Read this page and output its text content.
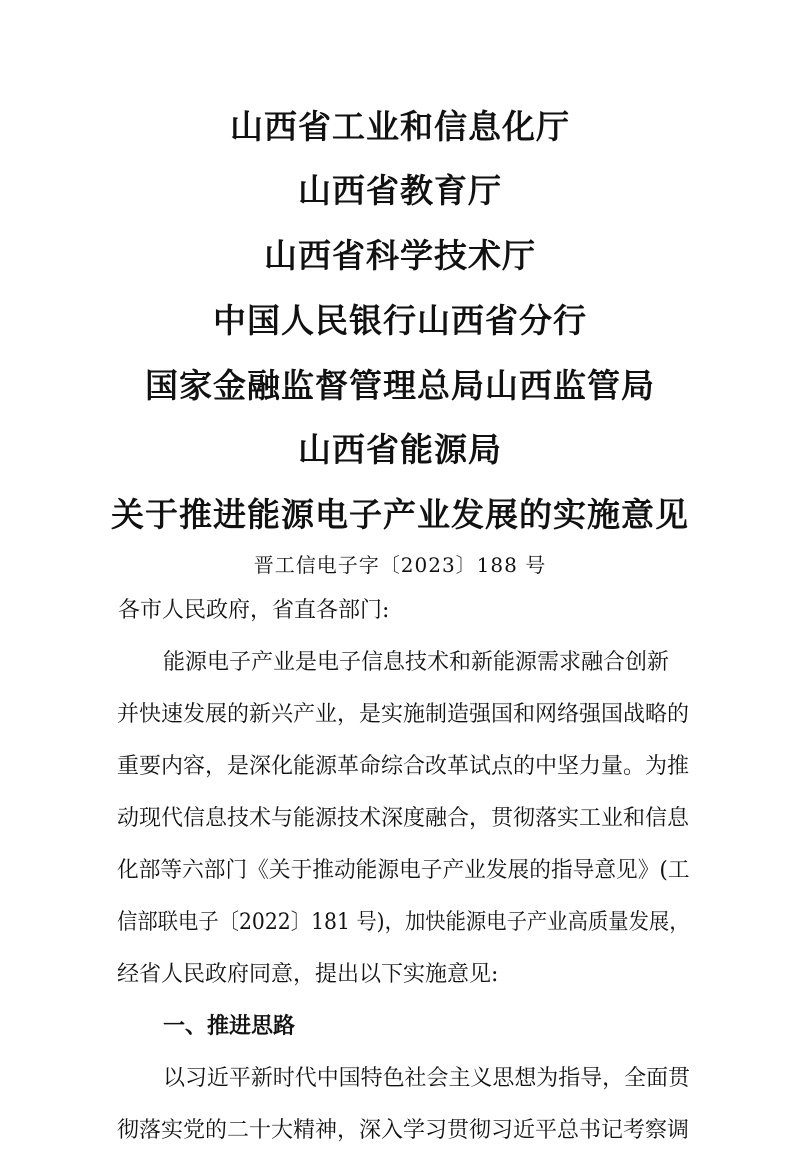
山西省工业和信息化厅
山西省教育厅
山西省科学技术厅
中国人民银行山西省分行
国家金融监督管理总局山西监管局
山西省能源局
关于推进能源电子产业发展的实施意见
晋工信电子字〔2023〕188 号
各市人民政府，省直各部门:
能源电子产业是电子信息技术和新能源需求融合创新
并快速发展的新兴产业，是实施制造强国和网络强国战略的
重要内容，是深化能源革命综合改革试点的中坚力量。为推
动现代信息技术与能源技术深度融合，贯彻落实工业和信息
化部等六部门《关于推动能源电子产业发展的指导意见》(工
信部联电子〔2022〕181 号)，加快能源电子产业高质量发展，
经省人民政府同意，提出以下实施意见:
一、推进思路
以习近平新时代中国特色社会主义思想为指导，全面贯
彻落实党的二十大精神，深入学习贯彻习近平总书记考察调
